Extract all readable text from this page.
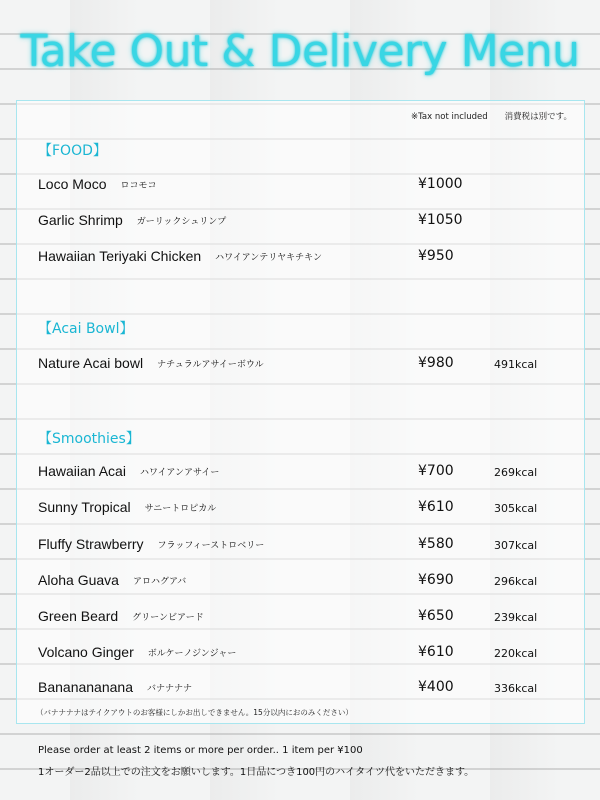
Take Out & Delivery Menu
※Tax not included　　消費税は別です。
【FOOD】
Loco Moco ロコモコ	¥1000
Garlic Shrimp ガーリックシュリンプ	¥1050
Hawaiian Teriyaki Chicken ハワイアンテリヤキチキン	¥950
【Acai Bowl】
Nature Acai bowl ナチュラルアサイーボウル	¥980	491kcal
【Smoothies】
Hawaiian Acai ハワイアンアサイー	¥700	269kcal
Sunny Tropical サニートロピカル	¥610	305kcal
Fluffy Strawberry フラッフィーストロベリー	¥580	307kcal
Aloha Guava アロハグアバ	¥690	296kcal
Green Beard グリーンビアード	¥650	239kcal
Volcano Ginger ボルケーノジンジャー	¥610	220kcal
Bananananana バナナナナ	¥400	336kcal
（バナナナナはテイクアウトのお客様にしかお出しできません。15分以内におのみください）
Please order at least 2 items or more per order.. 1 item per ¥100
1オーダー2品以上での注文をお願いします。1日品につき100円のハイタイツ代をいただきます。
